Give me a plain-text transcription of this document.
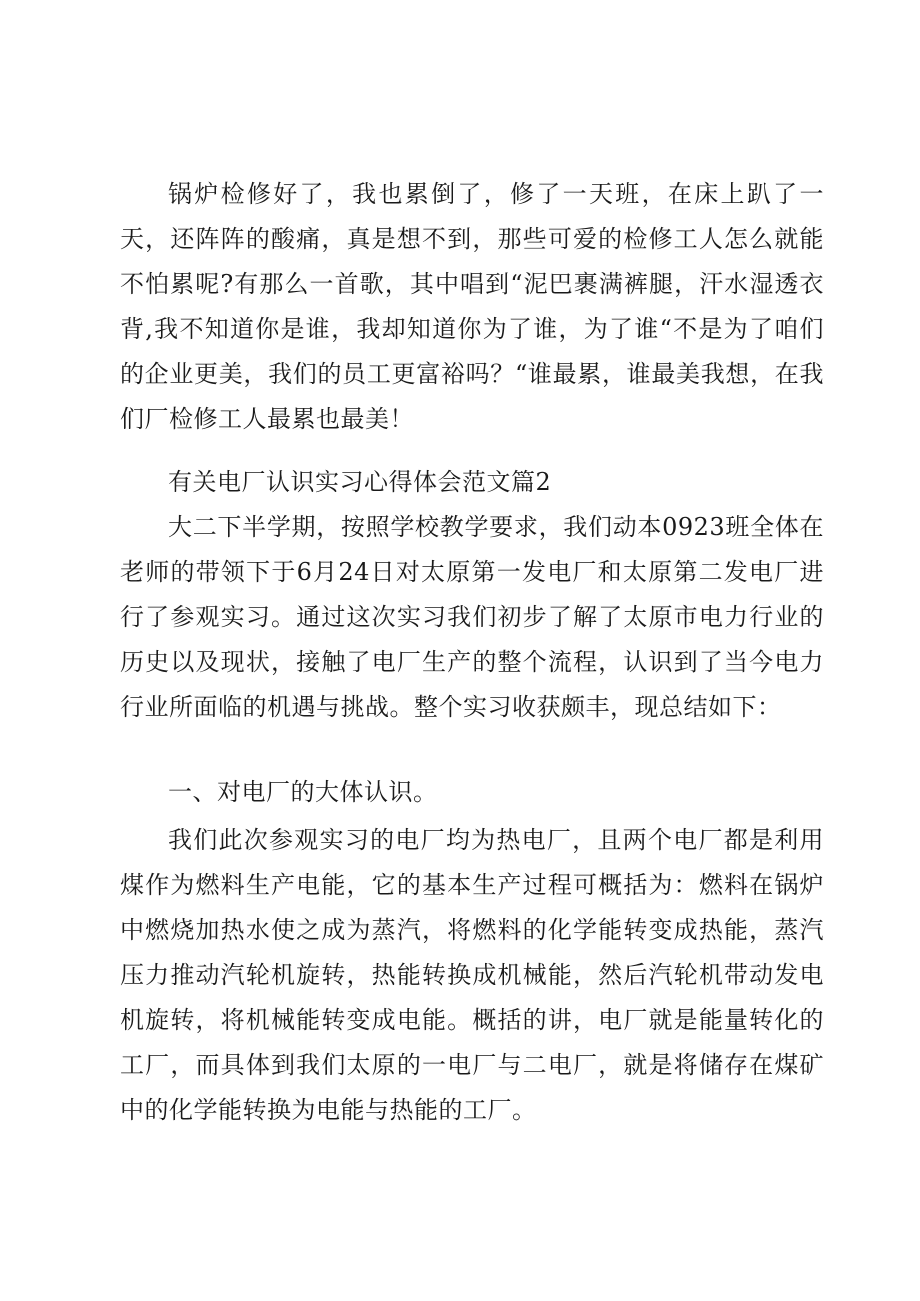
锅炉检修好了，我也累倒了，修了一天班，在床上趴了一天，还阵阵的酸痛，真是想不到，那些可爱的检修工人怎么就能不怕累呢?有那么一首歌，其中唱到“泥巴裹满裤腿，汗水湿透衣背,我不知道你是谁，我却知道你为了谁，为了谁“不是为了咱们的企业更美，我们的员工更富裕吗？“谁最累，谁最美我想，在我们厂检修工人最累也最美！

有关电厂认识实习心得体会范文篇2

大二下半学期，按照学校教学要求，我们动本0923班全体在老师的带领下于6月24日对太原第一发电厂和太原第二发电厂进行了参观实习。通过这次实习我们初步了解了太原市电力行业的历史以及现状，接触了电厂生产的整个流程，认识到了当今电力行业所面临的机遇与挑战。整个实习收获颇丰，现总结如下：

一、对电厂的大体认识。

我们此次参观实习的电厂均为热电厂，且两个电厂都是利用煤作为燃料生产电能，它的基本生产过程可概括为：燃料在锅炉中燃烧加热水使之成为蒸汽，将燃料的化学能转变成热能，蒸汽压力推动汽轮机旋转，热能转换成机械能，然后汽轮机带动发电机旋转，将机械能转变成电能。概括的讲，电厂就是能量转化的工厂，而具体到我们太原的一电厂与二电厂，就是将储存在煤矿中的化学能转换为电能与热能的工厂。
